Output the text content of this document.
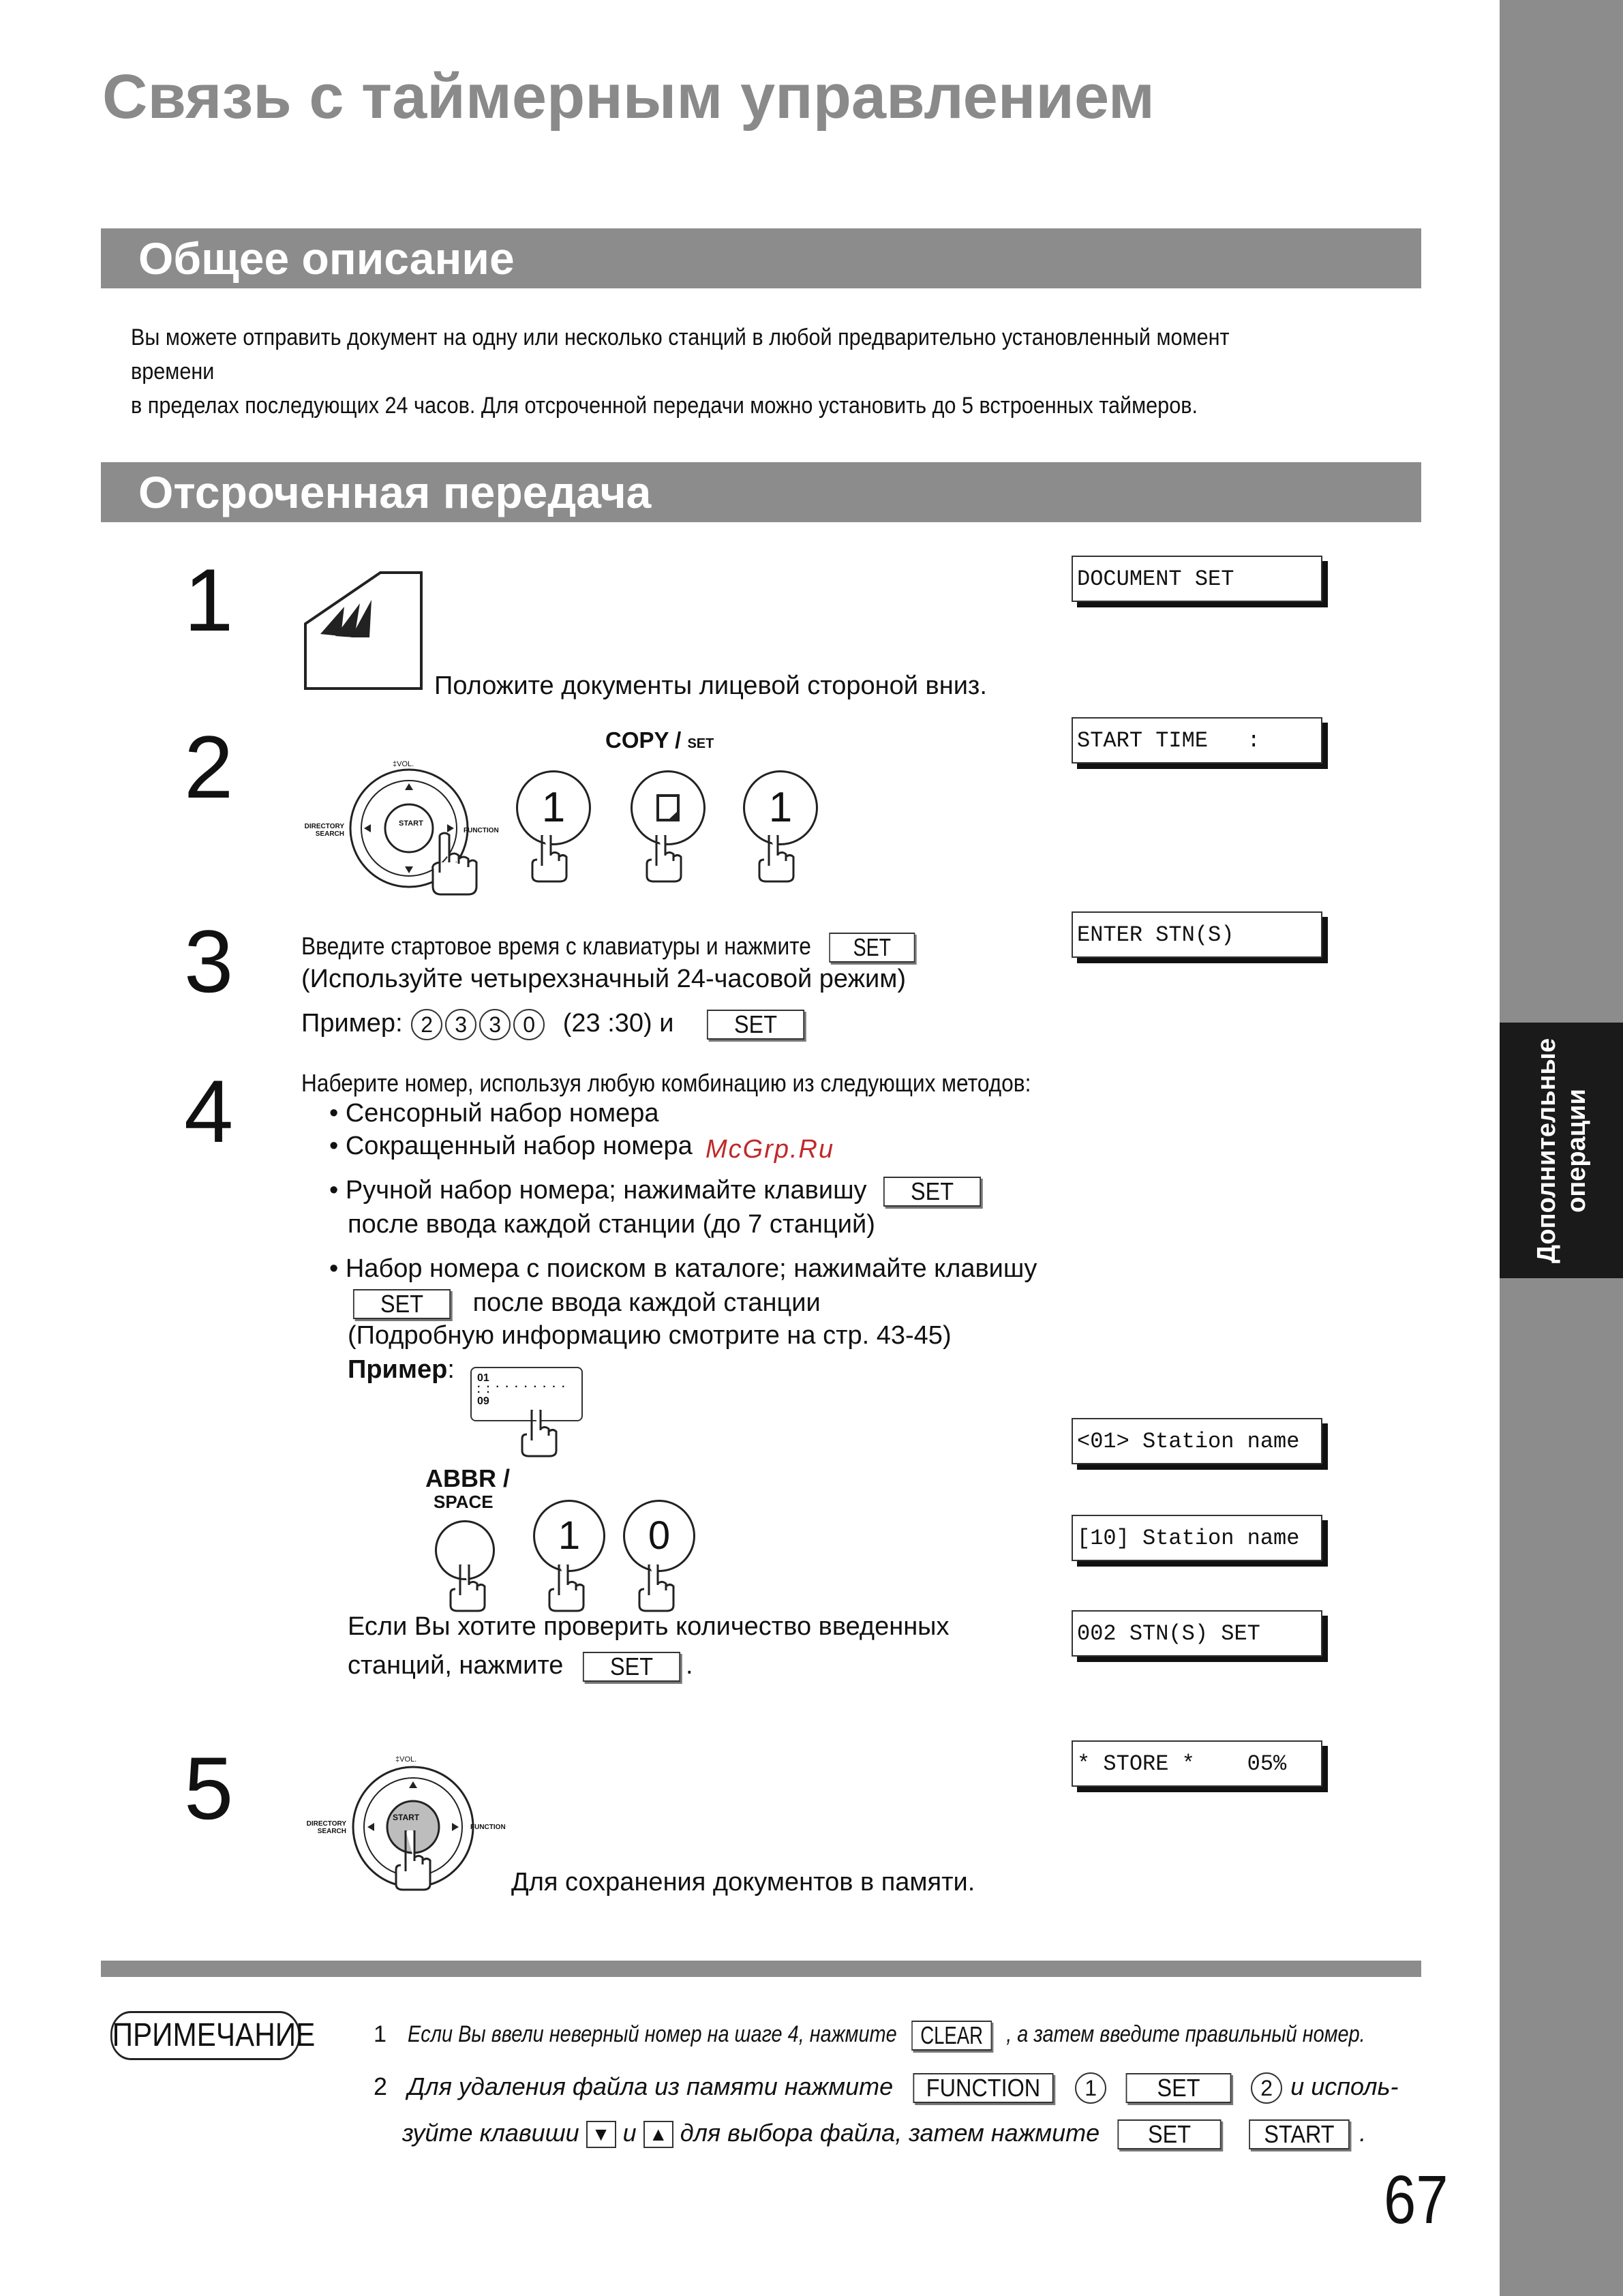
Дополнительные операции
Связь с таймерным управлением
Общее описание
Вы можете отправить документ на одну или несколько станций в любой предварительно установленный момент времени
в пределах последующих 24 часов. Для отсроченной передачи можно установить до 5 встроенных таймеров.
Отсроченная передача
1
Положите документы лицевой стороной вниз.
DOCUMENT SET
2	‡VOL.
DIRECTORY SEARCH	FUNCTION
START
COPY / SET
1	1
START TIME   :
3	Введите стартовое время с клавиатуры и нажмите SET
(Используйте четырехзначный 24-часовой режим)
Пример: 2 3 3 0 (23 :30) и SET
ENTER STN(S)
4	Наберите номер, используя любую комбинацию из следующих методов:
• Сенсорный набор номера
• Сокращенный набор номера McGrp.Ru
• Ручной набор номера; нажимайте клавишу SET
после ввода каждой станции (до 7 станций)
• Набор номера с поиском в каталоге; нажимайте клавишу
SET после ввода каждой станции
(Подробную информацию смотрите на стр. 43-45)
Пример: 01
· · · · · · · · · · · ·
09
ABBR /
SPACE
1	0
Если Вы хотите проверить количество введенных
станций, нажмите SET .
<01> Station name
[10] Station name
002 STN(S) SET
5	‡VOL.
DIRECTORY SEARCH
FUNCTION
START
Для сохранения документов в памяти.
* STORE *    05%
ПРИМЕЧАНИЕ	1 Если Вы ввели неверный номер на шаге 4, нажмите CLEAR , а затем введите правильный номер.
2 Для удаления файла из памяти нажмите FUNCTION 1 SET	2 и исполь-
зуйте клавиши ▼ и ▲ для выбора файла, затем нажмите SET	START .
67
